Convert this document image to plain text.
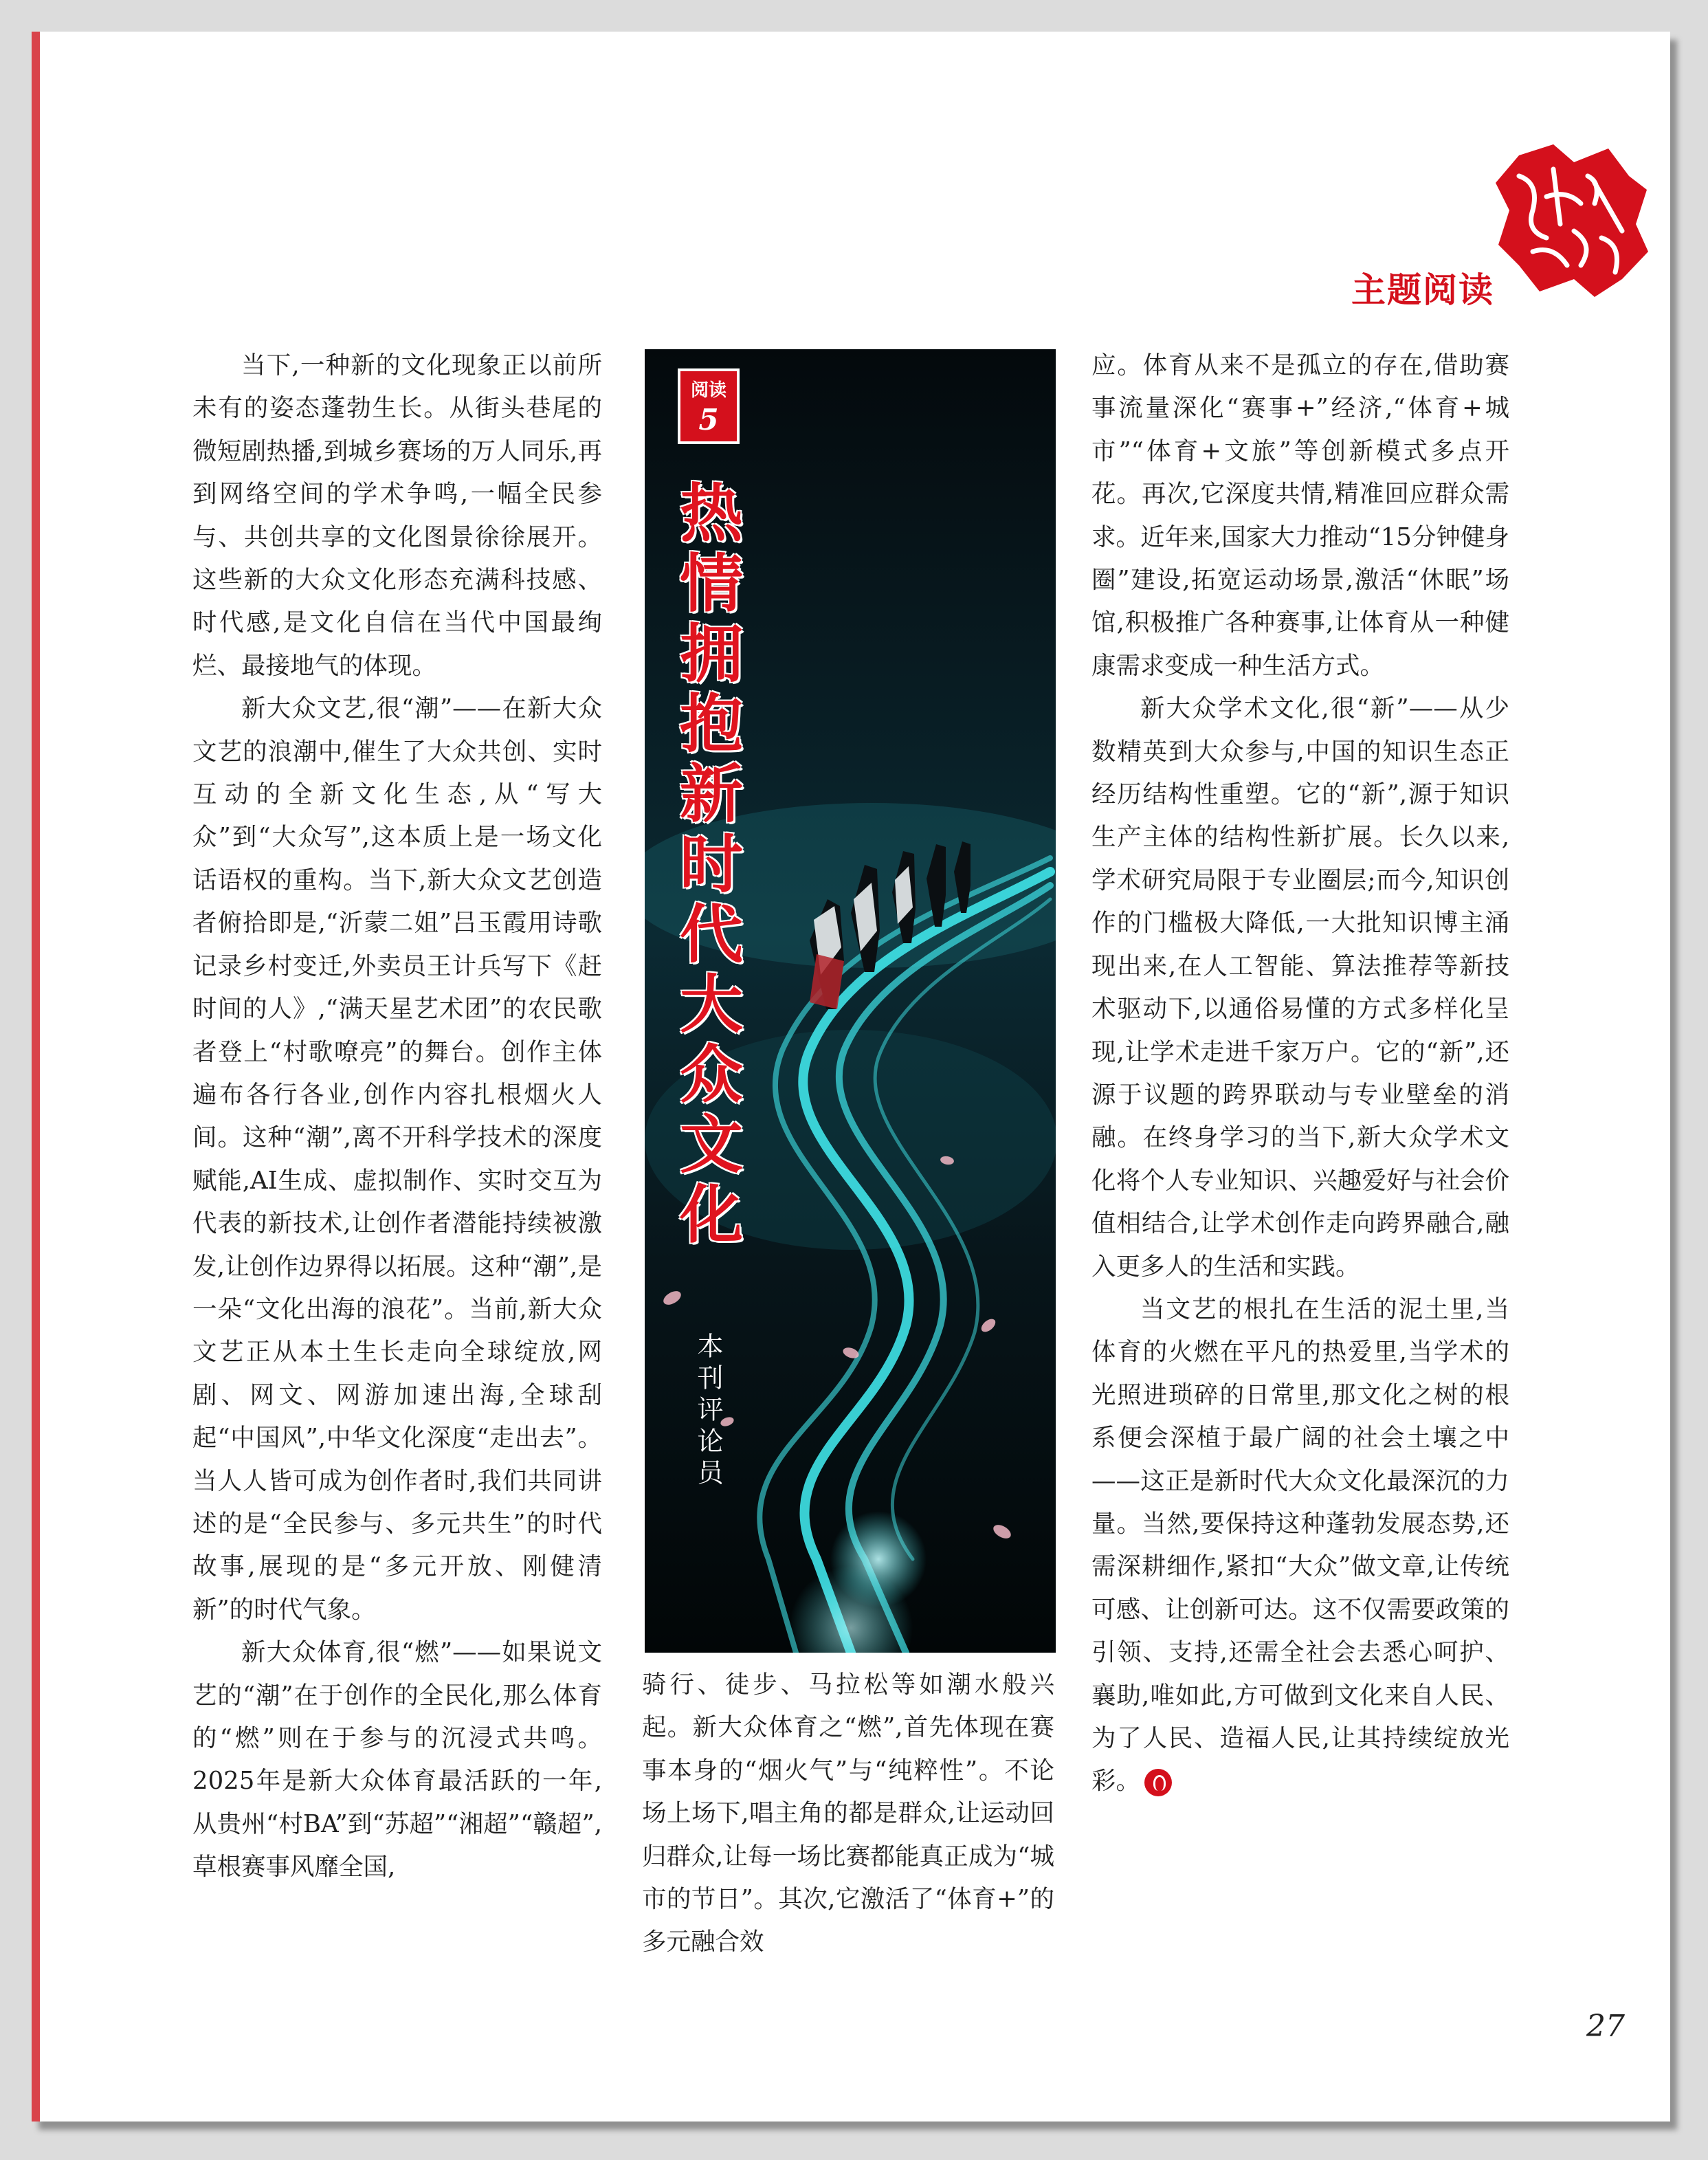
主题阅读

当下,一种新的文化现象正以前所未有的姿态蓬勃生长。从街头巷尾的微短剧热播,到城乡赛场的万人同乐,再到网络空间的学术争鸣,一幅全民参与、共创共享的文化图景徐徐展开。这些新的大众文化形态充满科技感、时代感,是文化自信在当代中国最绚烂、最接地气的体现。

新大众文艺,很“潮”——在新大众文艺的浪潮中,催生了大众共创、实时互动的全新文化生态,从“写大众”到“大众写”,这本质上是一场文化话语权的重构。当下,新大众文艺创造者俯拾即是,“沂蒙二姐”吕玉霞用诗歌记录乡村变迁,外卖员王计兵写下《赶时间的人》,“满天星艺术团”的农民歌者登上“村歌嘹亮”的舞台。创作主体遍布各行各业,创作内容扎根烟火人间。这种“潮”,离不开科学技术的深度赋能,AI生成、虚拟制作、实时交互为代表的新技术,让创作者潜能持续被激发,让创作边界得以拓展。这种“潮”,是一朵“文化出海的浪花”。当前,新大众文艺正从本土生长走向全球绽放,网剧、网文、网游加速出海,全球刮起“中国风”,中华文化深度“走出去”。当人人皆可成为创作者时,我们共同讲述的是“全民参与、多元共生”的时代故事,展现的是“多元开放、刚健清新”的时代气象。

新大众体育,很“燃”——如果说文艺的“潮”在于创作的全民化,那么体育的“燃”则在于参与的沉浸式共鸣。2025年是新大众体育最活跃的一年,从贵州“村BA”到“苏超”“湘超”“赣超”,草根赛事风靡全国,

阅读
5
热情拥抱新时代大众文化
本刊评论员

骑行、徒步、马拉松等如潮水般兴起。新大众体育之“燃”,首先体现在赛事本身的“烟火气”与“纯粹性”。不论场上场下,唱主角的都是群众,让运动回归群众,让每一场比赛都能真正成为“城市的节日”。其次,它激活了“体育+”的多元融合效

应。体育从来不是孤立的存在,借助赛事流量深化“赛事+”经济,“体育+城市”“体育+文旅”等创新模式多点开花。再次,它深度共情,精准回应群众需求。近年来,国家大力推动“15分钟健身圈”建设,拓宽运动场景,激活“休眠”场馆,积极推广各种赛事,让体育从一种健康需求变成一种生活方式。

新大众学术文化,很“新”——从少数精英到大众参与,中国的知识生态正经历结构性重塑。它的“新”,源于知识生产主体的结构性新扩展。长久以来,学术研究局限于专业圈层;而今,知识创作的门槛极大降低,一大批知识博主涌现出来,在人工智能、算法推荐等新技术驱动下,以通俗易懂的方式多样化呈现,让学术走进千家万户。它的“新”,还源于议题的跨界联动与专业壁垒的消融。在终身学习的当下,新大众学术文化将个人专业知识、兴趣爱好与社会价值相结合,让学术创作走向跨界融合,融入更多人的生活和实践。

当文艺的根扎在生活的泥土里,当体育的火燃在平凡的热爱里,当学术的光照进琐碎的日常里,那文化之树的根系便会深植于最广阔的社会土壤之中——这正是新时代大众文化最深沉的力量。当然,要保持这种蓬勃发展态势,还需深耕细作,紧扣“大众”做文章,让传统可感、让创新可达。这不仅需要政策的引领、支持,还需全社会去悉心呵护、襄助,唯如此,方可做到文化来自人民、为了人民、造福人民,让其持续绽放光彩。

27
